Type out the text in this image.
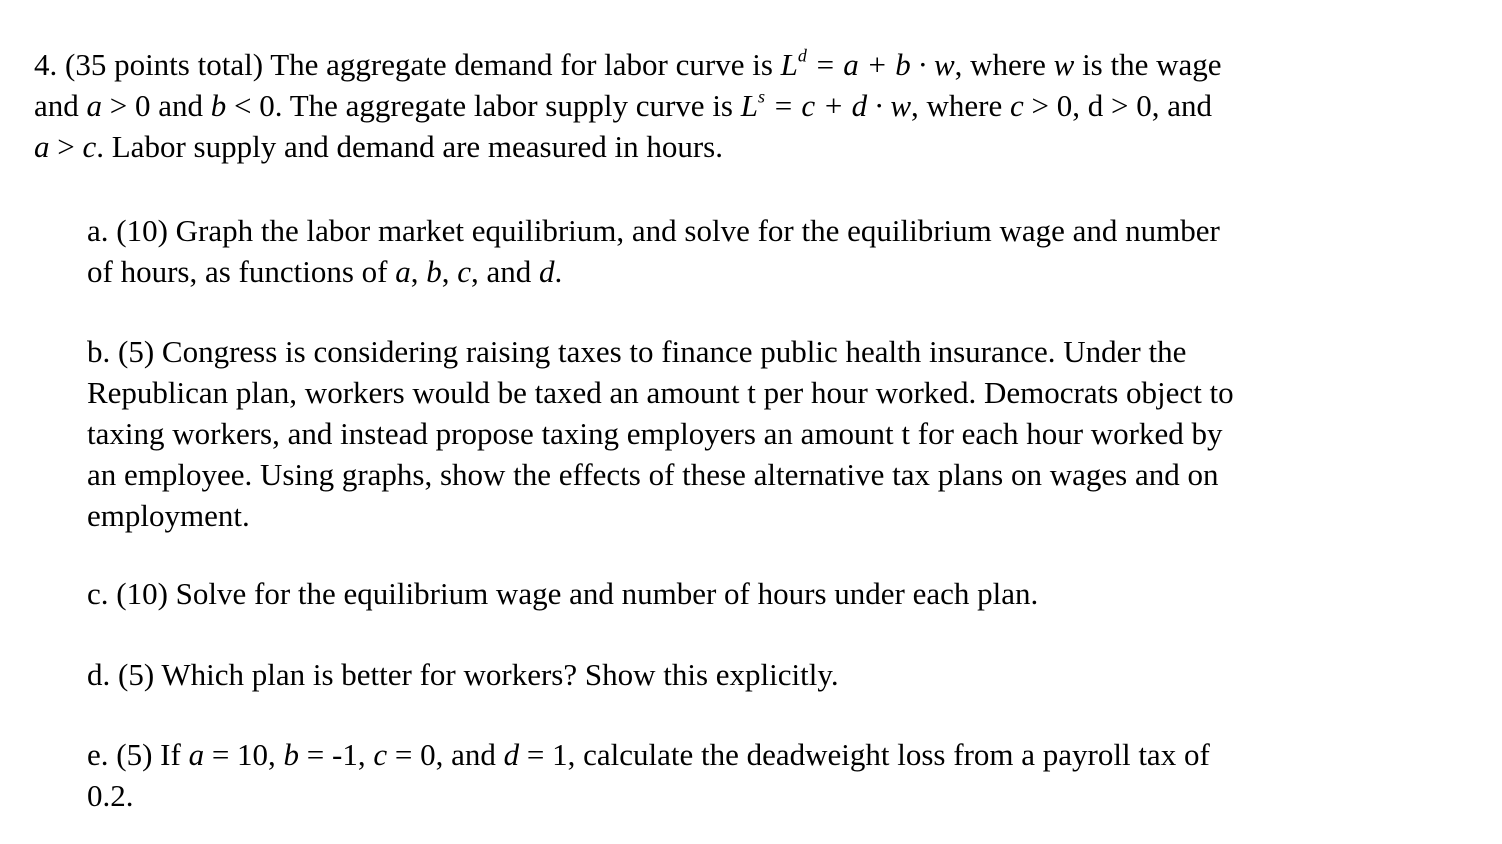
4. (35 points total) The aggregate demand for labor curve is $L^d = a + b \cdot w$, where w is the wage
and a > 0 and b < 0. The aggregate labor supply curve is $L^s = c + d \cdot w$, where c > 0, d > 0, and
a > c. Labor supply and demand are measured in hours.
a. (10) Graph the labor market equilibrium, and solve for the equilibrium wage and number
of hours, as functions of a, b, c, and d.
b. (5) Congress is considering raising taxes to finance public health insurance. Under the
Republican plan, workers would be taxed an amount t per hour worked. Democrats object to
taxing workers, and instead propose taxing employers an amount t for each hour worked by
an employee. Using graphs, show the effects of these alternative tax plans on wages and on
employment.
c. (10) Solve for the equilibrium wage and number of hours under each plan.
d. (5) Which plan is better for workers? Show this explicitly.
e. (5) If a = 10, b = -1, c = 0, and d = 1, calculate the deadweight loss from a payroll tax of
0.2.
